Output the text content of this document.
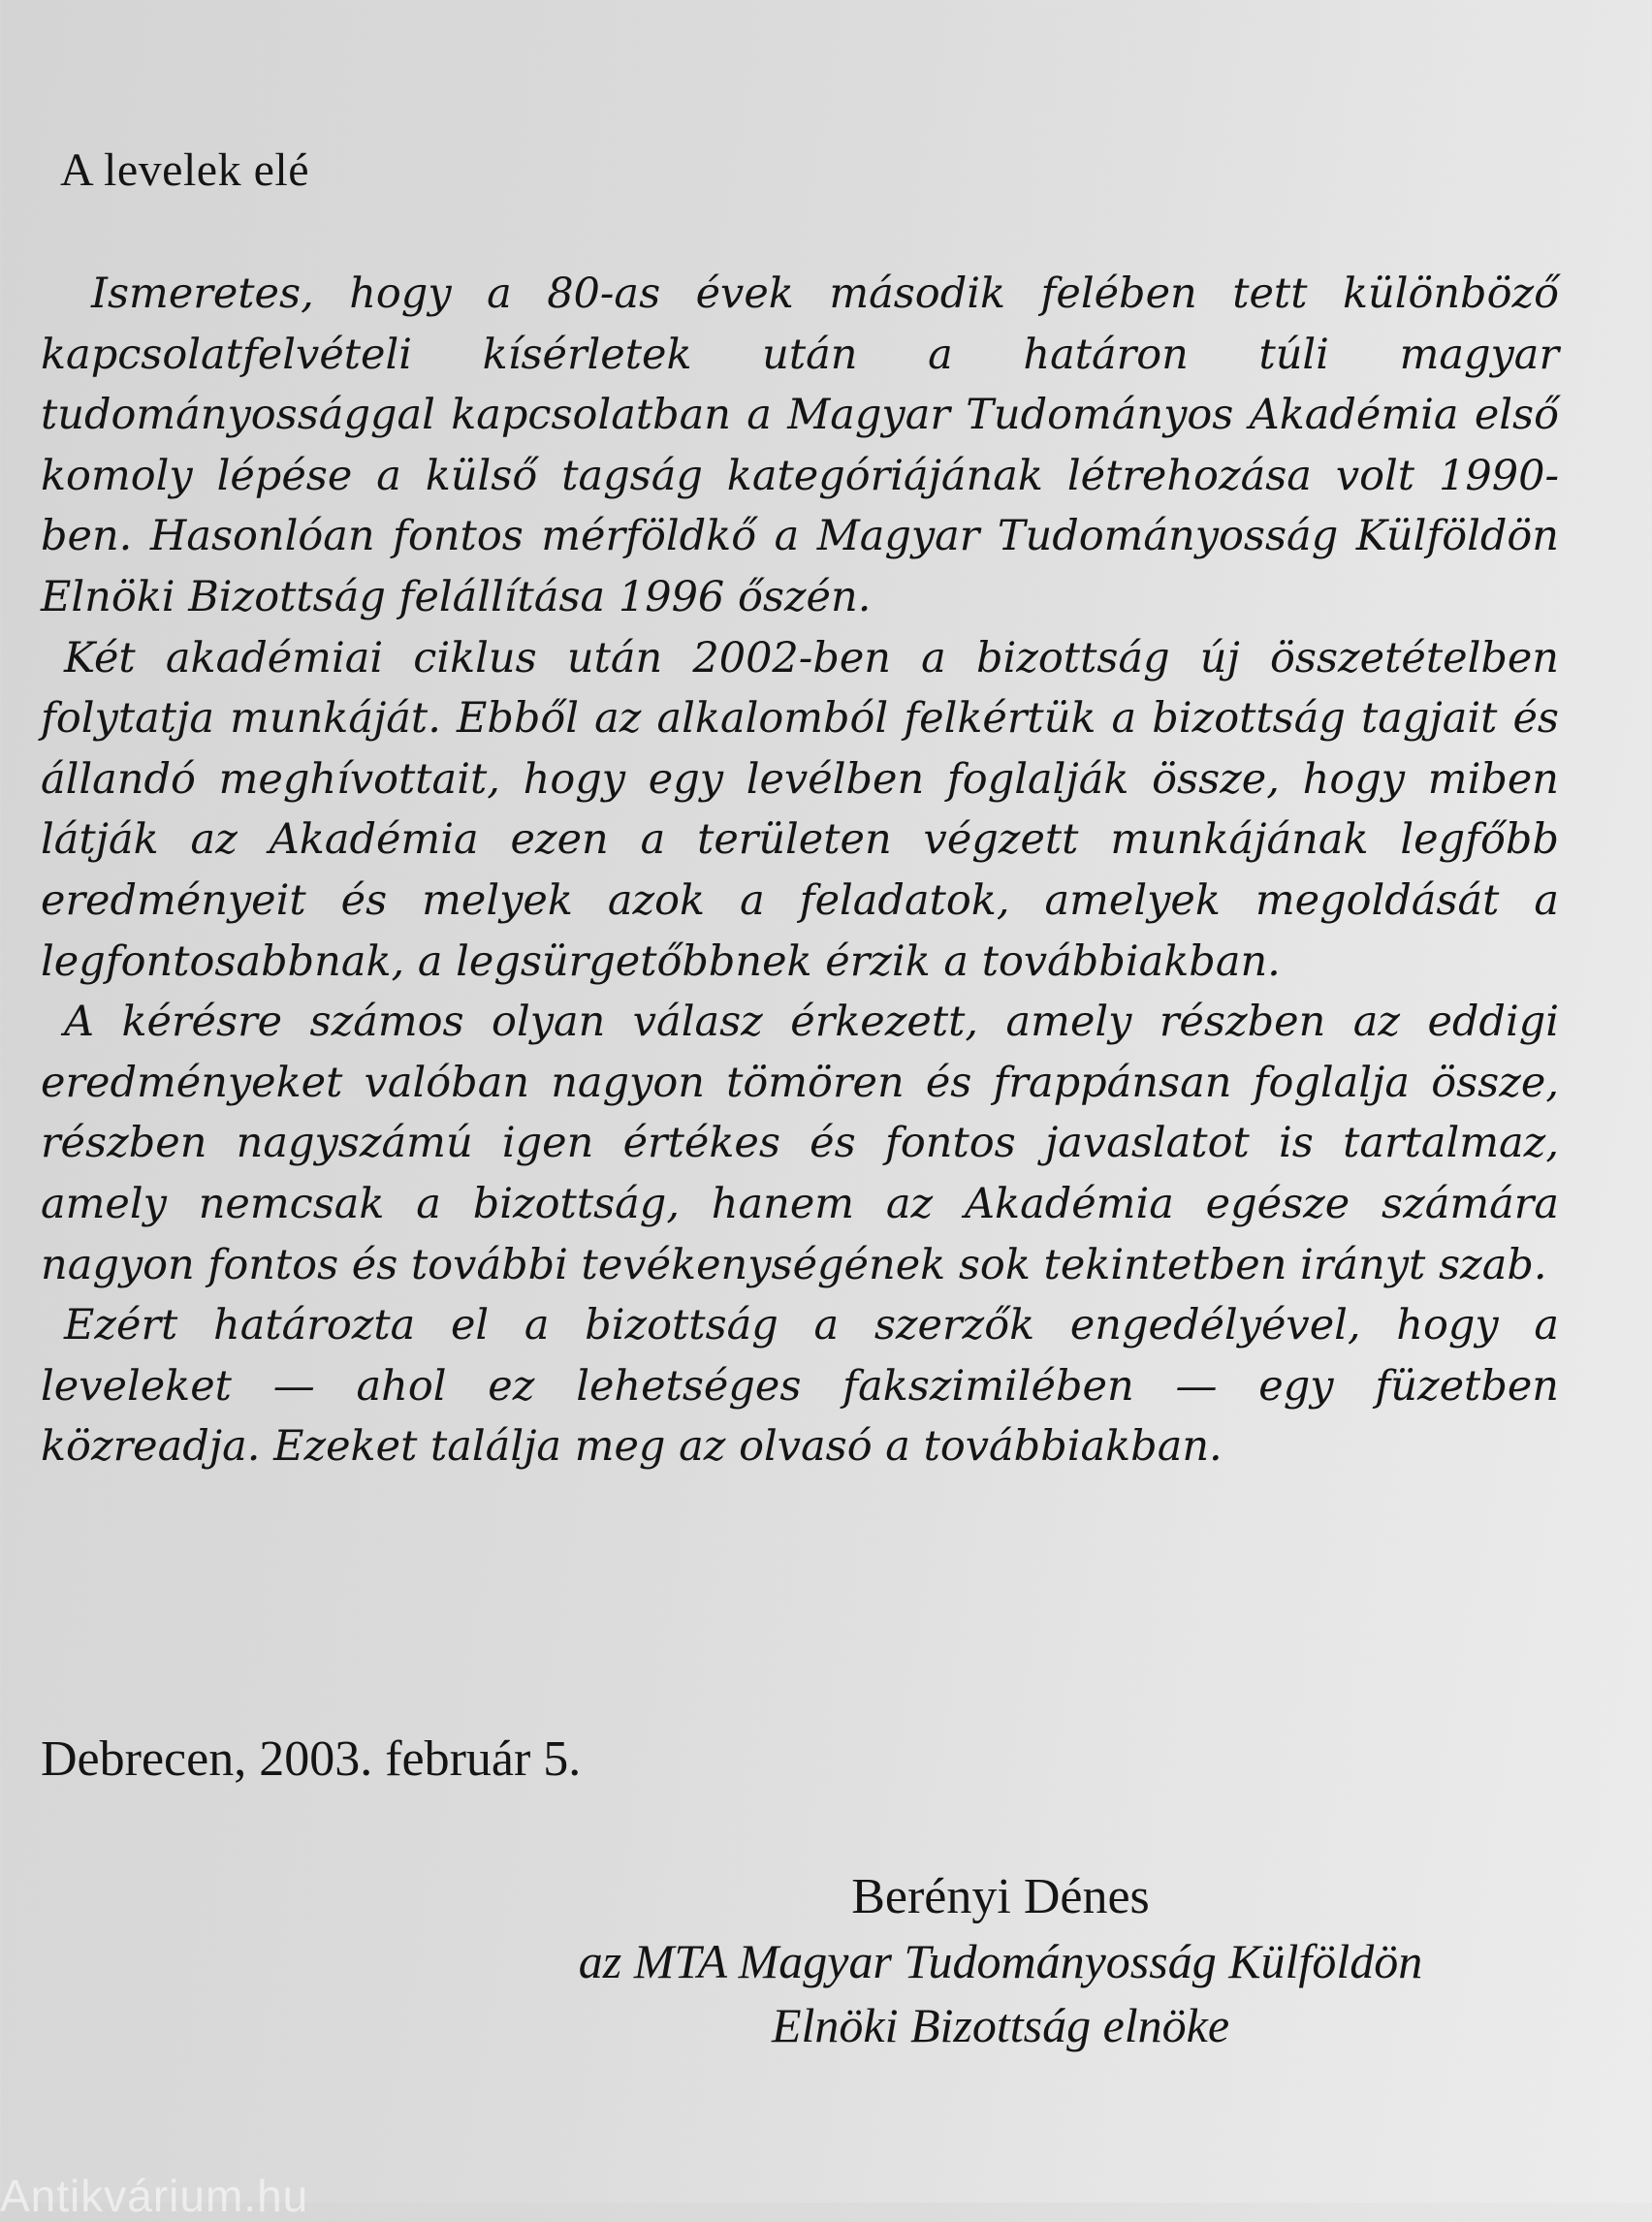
A levelek elé

Ismeretes, hogy a 80-as évek második felében tett különböző kapcsolatfelvételi kísérletek után a határon túli magyar tudományossággal kapcsolatban a Magyar Tudományos Akadémia első komoly lépése a külső tagság kategóriájának létrehozása volt 1990-ben. Hasonlóan fontos mérföldkő a Magyar Tudományosság Külföldön Elnöki Bizottság felállítása 1996 őszén.

Két akadémiai ciklus után 2002-ben a bizottság új összetételben folytatja munkáját. Ebből az alkalomból felkértük a bizottság tagjait és állandó meghívottait, hogy egy levélben foglalják össze, hogy miben látják az Akadémia ezen a területen végzett munkájának legfőbb eredményeit és melyek azok a feladatok, amelyek megoldását a legfontosabbnak, a legsürgetőbbnek érzik a továbbiakban.

A kérésre számos olyan válasz érkezett, amely részben az eddigi eredményeket valóban nagyon tömören és frappánsan foglalja össze, részben nagyszámú igen értékes és fontos javaslatot is tartalmaz, amely nemcsak a bizottság, hanem az Akadémia egésze számára nagyon fontos és további tevékenységének sok tekintetben irányt szab.

Ezért határozta el a bizottság a szerzők engedélyével, hogy a leveleket — ahol ez lehetséges fakszimilében — egy füzetben közreadja. Ezeket találja meg az olvasó a továbbiakban.

Debrecen, 2003. február 5.

Berényi Dénes

az MTA Magyar Tudományosság Külföldön

Elnöki Bizottság elnöke

Antikvárium.hu
